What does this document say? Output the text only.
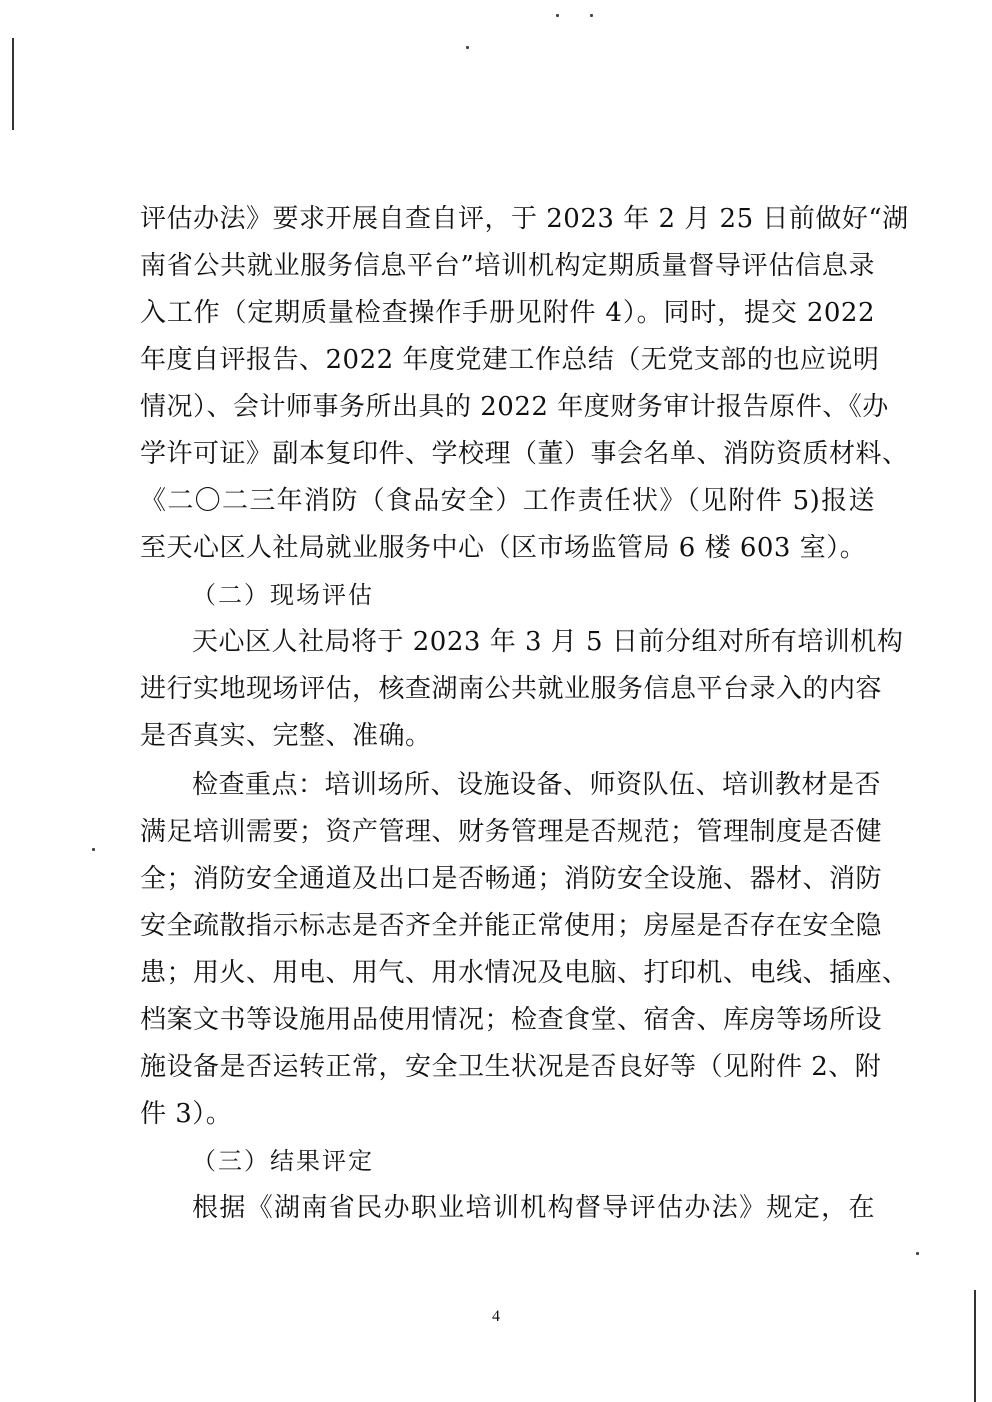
评估办法》要求开展自查自评，于 2023 年 2 月 25 日前做好“湖
南省公共就业服务信息平台”培训机构定期质量督导评估信息录
入工作（定期质量检查操作手册见附件 4）。同时，提交 2022
年度自评报告、2022 年度党建工作总结（无党支部的也应说明
情况）、会计师事务所出具的 2022 年度财务审计报告原件、《办
学许可证》副本复印件、学校理（董）事会名单、消防资质材料、
《二〇二三年消防（食品安全）工作责任状》（见附件 5)报送
至天心区人社局就业服务中心（区市场监管局 6 楼 603 室）。
（二）现场评估
天心区人社局将于 2023 年 3 月 5 日前分组对所有培训机构
进行实地现场评估，核查湖南公共就业服务信息平台录入的内容
是否真实、完整、准确。
检查重点：培训场所、设施设备、师资队伍、培训教材是否
满足培训需要；资产管理、财务管理是否规范；管理制度是否健
全；消防安全通道及出口是否畅通；消防安全设施、器材、消防
安全疏散指示标志是否齐全并能正常使用；房屋是否存在安全隐
患；用火、用电、用气、用水情况及电脑、打印机、电线、插座、
档案文书等设施用品使用情况；检查食堂、宿舍、库房等场所设
施设备是否运转正常，安全卫生状况是否良好等（见附件 2、附
件 3）。
（三）结果评定
根据《湖南省民办职业培训机构督导评估办法》规定，在
4
